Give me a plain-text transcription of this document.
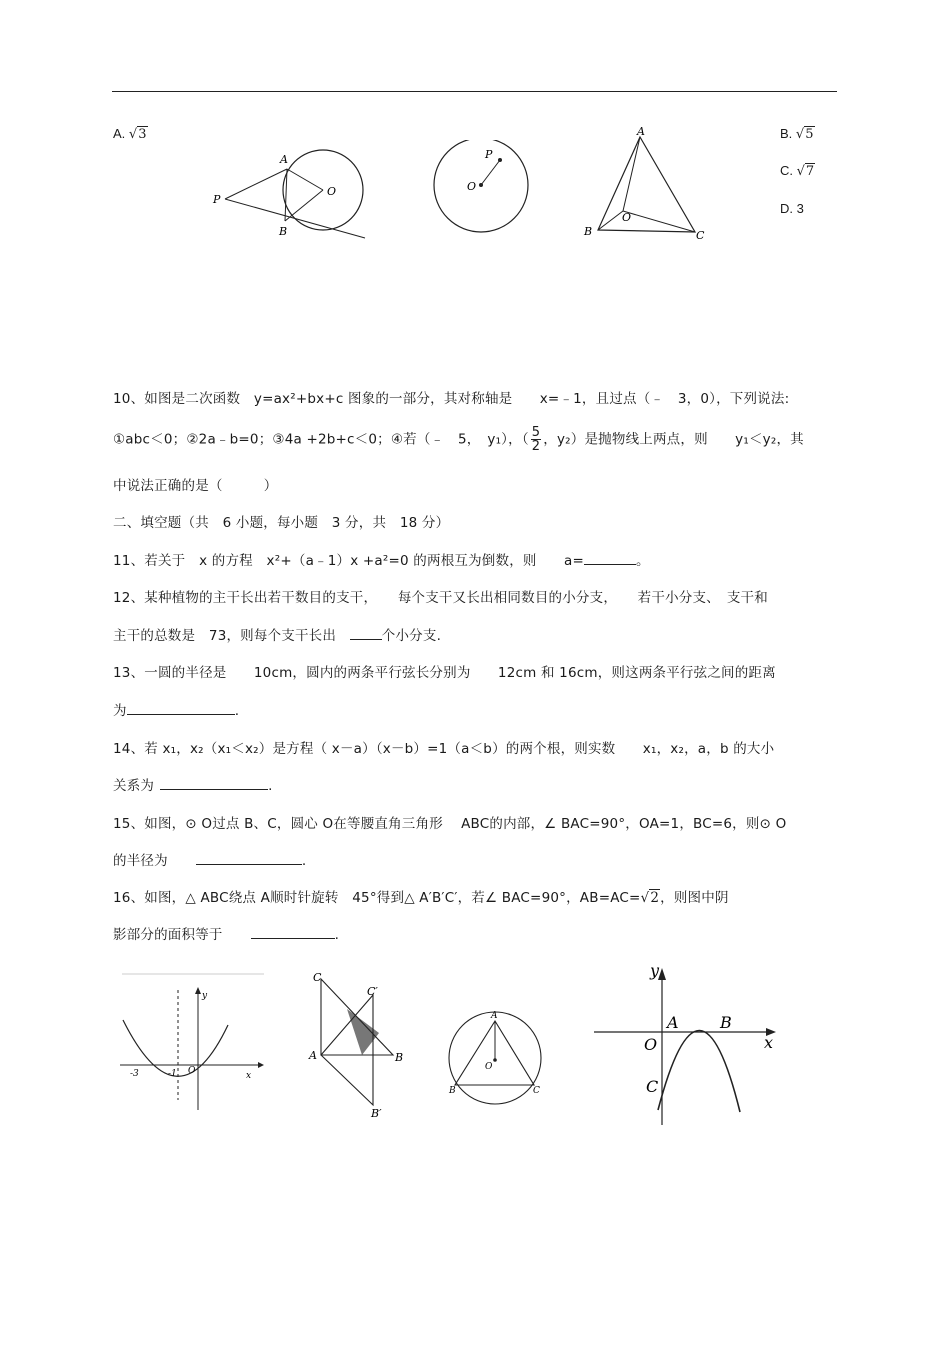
A. √3	B. √5
C. √7
D. 3
P
A
B
O
P
O
A
B	C
O
10、如图是二次函数　y=ax²+bx+c 图象的一部分，其对称轴是　　x=﹣1，且过点（﹣　3，0），下列说法:
①abc＜0；②2a﹣b=0；③4a +2b+c＜0；④若（﹣　5，　y₁），（ $\frac{5}{2}$ ，y₂）是抛物线上两点，则　　y₁＜y₂，其
中说法正确的是（　　　）
二、填空题（共　6 小题，每小题　3 分，共　18 分）
11、若关于　x 的方程　x²+（a﹣1）x +a²=0 的两根互为倒数，则　　a=	。
12、某种植物的主干长出若干数目的支干，　　每个支干又长出相同数目的小分支，　　若干小分支、　支干和
主干的总数是　73，则每个支干长出　个小分支.
13、一圆的半径是　　10cm，圆内的两条平行弦长分别为　　12cm 和 16cm，则这两条平行弦之间的距离
为	.
14、若 x₁，x₂（x₁＜x₂）是方程（ x－a）（x－b）=1（a＜b）的两个根，则实数　　x₁，x₂，a，b 的大小
关系为	.
15、如图，⊙ O过点 B、C，圆心 O在等腰直角三角形　 ABC的内部，∠ BAC=90°，OA=1，BC=6，则⊙ O
的半径为	.
16、如图，△ ABC绕点 A顺时针旋转　45°得到△ A′B′C′，若∠ BAC=90°，AB=AC=√2，则图中阴
影部分的面积等于	.
y
x
-3	-1 O
C
C′
A	B
B′
A
O
B	C
y
x
A	B
O
C
